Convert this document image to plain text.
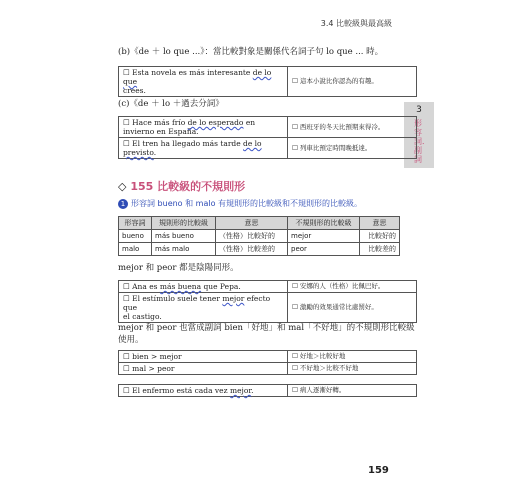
3.4 比較級與最高級
3
形容詞．副詞
(b)《de ＋ lo que ...》：當比較對象是關係代名詞子句 lo que ... 時。
☐ Esta novela es más interesante de lo que
crees.	☐ 這本小說比你認為的有趣。
(c)《de ＋ lo ＋過去分詞》
☐ Hace más frío de lo esperado en invierno en España.	☐ 西班牙的冬天比預期來得冷。
☐ El tren ha llegado más tarde de lo
previsto.	☐ 列車比預定時間晚抵達。
◇ 155 比較級的不規則形
1 形容詞 bueno 和 malo 有規則形的比較級和不規則形的比較級。
形容詞	規則形的比較級	意思	不規則形的比較級	意思
bueno	más bueno	（性格）比較好的	mejor	比較好的
malo	más malo	（性格）比較差的	peor	比較差的
mejor 和 peor 都是陰陽同形。
☐ Ana es más buena que Pepa.	☐ 安娜的人（性格）比佩巴好。
☐ El estímulo suele tener mejor efecto que
el castigo.	☐ 激勵的效果通常比處罰好。
mejor 和 peor 也當成副詞 bien「好地」和 mal「不好地」的不規則形比較級
使用。
☐ bien > mejor	☐ 好地＞比較好地
☐ mal > peor	☐ 不好地＞比較不好地
☐ El enfermo está cada vez mejor.	☐ 病人逐漸好轉。
159
